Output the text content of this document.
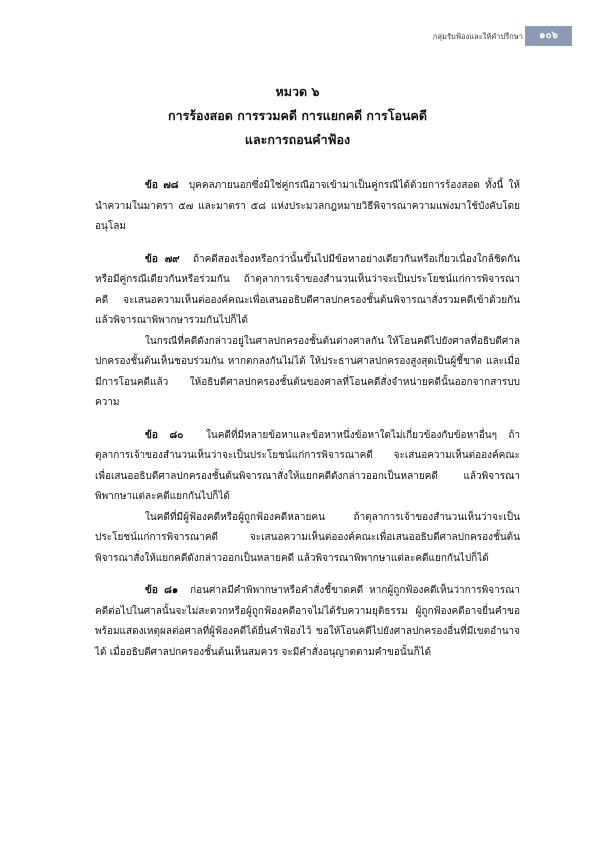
กลุ่มรับฟ้องและให้คำปรึกษา	๑๐๖
หมวด ๖
การร้องสอด การรวมคดี การแยกคดี การโอนคดี
และการถอนคำฟ้อง

ข้อ ๗๘ บุคคลภายนอกซึ่งมิใช่คู่กรณีอาจเข้ามาเป็นคู่กรณีได้ด้วยการร้องสอด ทั้งนี้ ให้นำความในมาตรา ๕๗ และมาตรา ๕๘ แห่งประมวลกฎหมายวิธีพิจารณาความแพ่งมาใช้บังคับโดยอนุโลม

ข้อ ๗๙ ถ้าคดีสองเรื่องหรือกว่านั้นขึ้นไปมีข้อหาอย่างเดียวกันหรือเกี่ยวเนื่องใกล้ชิดกันหรือมีคู่กรณีเดียวกันหรือร่วมกัน ถ้าตุลาการเจ้าของสำนวนเห็นว่าจะเป็นประโยชน์แก่การพิจารณาคดี จะเสนอความเห็นต่อองค์คณะเพื่อเสนออธิบดีศาลปกครองชั้นต้นพิจารณาสั่งรวมคดีเข้าด้วยกัน แล้วพิจารณาพิพากษารวมกันไปก็ได้

ในกรณีที่คดีดังกล่าวอยู่ในศาลปกครองชั้นต้นต่างศาลกัน ให้โอนคดีไปยังศาลที่อธิบดีศาลปกครองชั้นต้นเห็นชอบร่วมกัน หากตกลงกันไม่ได้ ให้ประธานศาลปกครองสูงสุดเป็นผู้ชี้ขาด และเมื่อมีการโอนคดีแล้ว ให้อธิบดีศาลปกครองชั้นต้นของศาลที่โอนคดีสั่งจำหน่ายคดีนั้นออกจากสารบบความ

ข้อ ๘๐ ในคดีที่มีหลายข้อหาและข้อหาหนึ่งข้อหาใดไม่เกี่ยวข้องกับข้อหาอื่นๆ ถ้าตุลาการเจ้าของสำนวนเห็นว่าจะเป็นประโยชน์แก่การพิจารณาคดี จะเสนอความเห็นต่อองค์คณะ เพื่อเสนออธิบดีศาลปกครองชั้นต้นพิจารณาสั่งให้แยกคดีดังกล่าวออกเป็นหลายคดี แล้วพิจารณาพิพากษาแต่ละคดีแยกกันไปก็ได้

ในคดีที่มีผู้ฟ้องคดีหรือผู้ถูกฟ้องคดีหลายคน ถ้าตุลาการเจ้าของสำนวนเห็นว่าจะเป็นประโยชน์แก่การพิจารณาคดี จะเสนอความเห็นต่อองค์คณะเพื่อเสนออธิบดีศาลปกครองชั้นต้นพิจารณาสั่งให้แยกคดีดังกล่าวออกเป็นหลายคดี แล้วพิจารณาพิพากษาแต่ละคดีแยกกันไปก็ได้

ข้อ ๘๑ ก่อนศาลมีคำพิพากษาหรือคำสั่งชี้ขาดคดี หากผู้ถูกฟ้องคดีเห็นว่าการพิจารณาคดีต่อไปในศาลนั้นจะไม่สะดวกหรือผู้ถูกฟ้องคดีอาจไม่ได้รับความยุติธรรม ผู้ถูกฟ้องคดีอาจยื่นคำขอพร้อมแสดงเหตุผลต่อศาลที่ผู้ฟ้องคดีได้ยื่นคำฟ้องไว้ ขอให้โอนคดีไปยังศาลปกครองอื่นที่มีเขตอำนาจได้ เมื่ออธิบดีศาลปกครองชั้นต้นเห็นสมควร จะมีคำสั่งอนุญาตตามคำขอนั้นก็ได้
